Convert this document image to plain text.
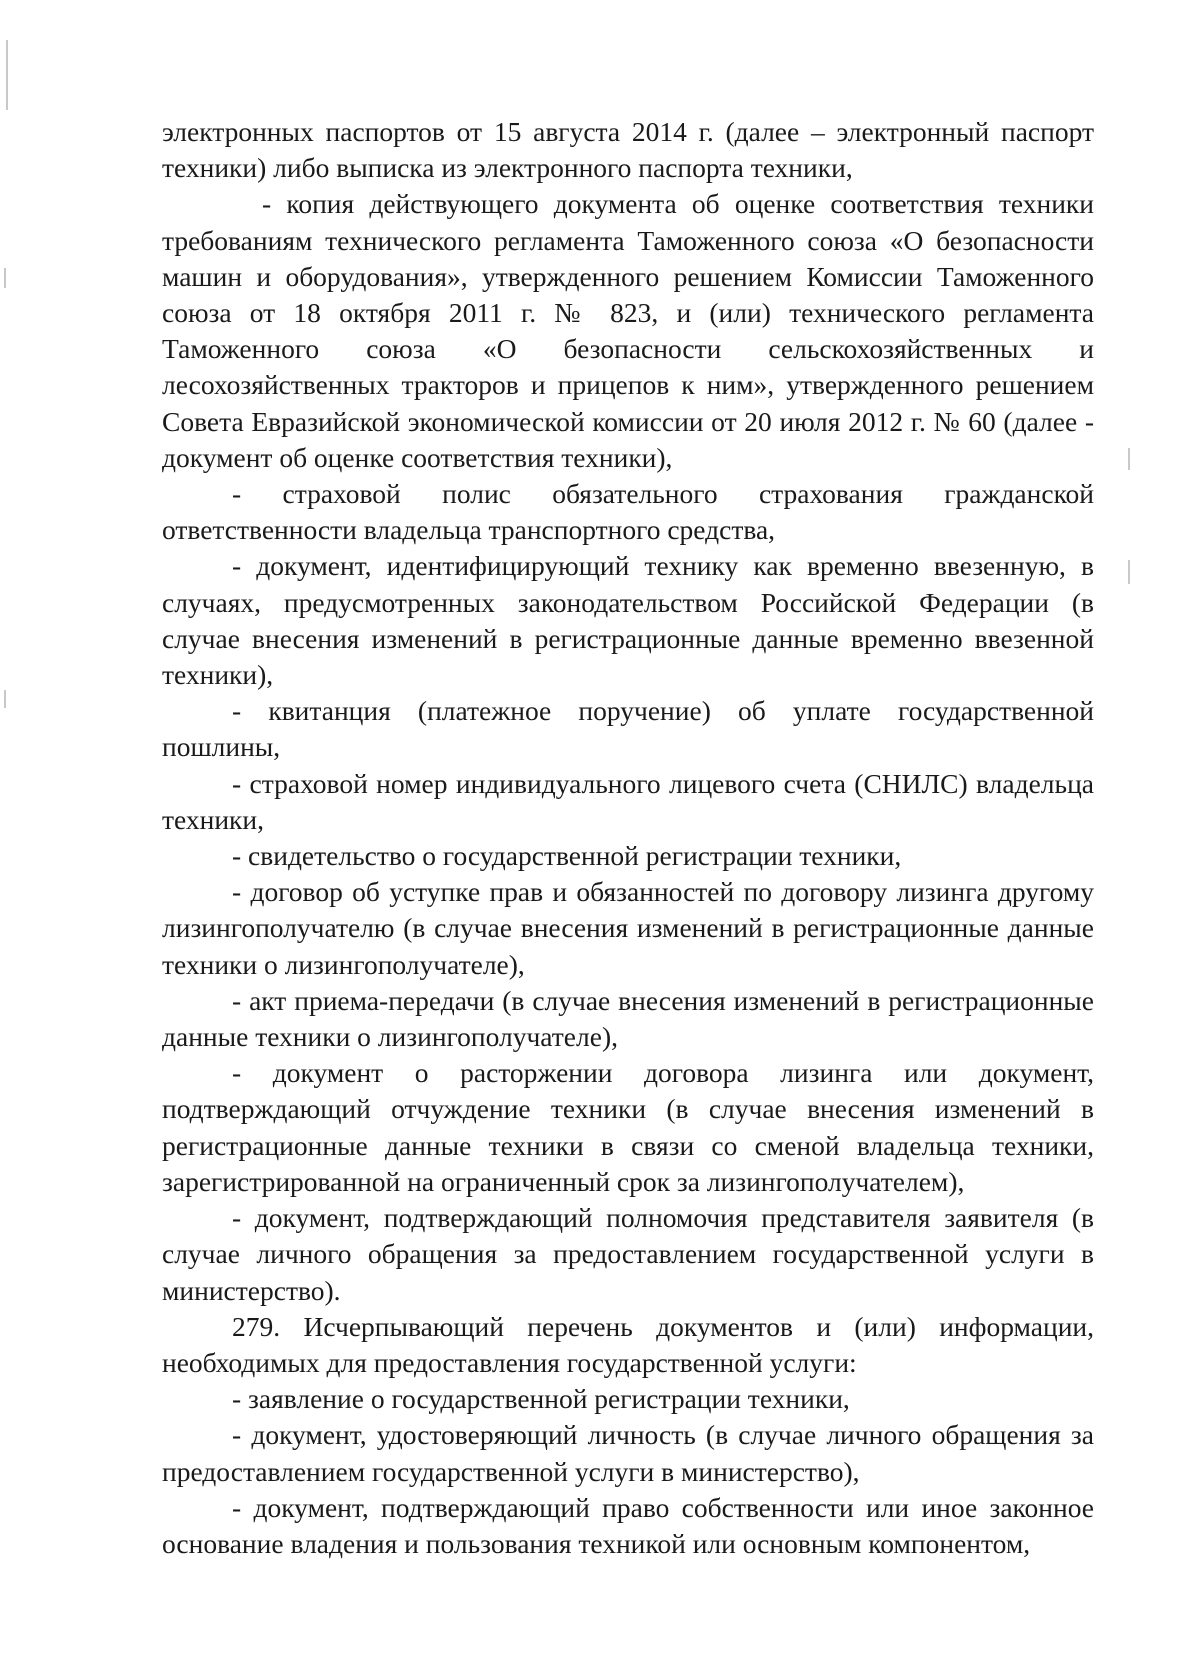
электронных паспортов от 15 августа 2014 г. (далее – электронный паспорт техники) либо выписка из электронного паспорта техники,

- копия действующего документа об оценке соответствия техники требованиям технического регламента Таможенного союза «О безопасности машин и оборудования», утвержденного решением Комиссии Таможенного союза от 18 октября 2011 г. № 823, и (или) технического регламента Таможенного союза «О безопасности сельскохозяйственных и лесохозяйственных тракторов и прицепов к ним», утвержденного решением Совета Евразийской экономической комиссии от 20 июля 2012 г. № 60 (далее - документ об оценке соответствия техники),

- страховой полис обязательного страхования гражданской ответственности владельца транспортного средства,

- документ, идентифицирующий технику как временно ввезенную, в случаях, предусмотренных законодательством Российской Федерации (в случае внесения изменений в регистрационные данные временно ввезенной техники),

- квитанция (платежное поручение) об уплате государственной пошлины,

- страховой номер индивидуального лицевого счета (СНИЛС) владельца техники,

- свидетельство о государственной регистрации техники,

- договор об уступке прав и обязанностей по договору лизинга другому лизингополучателю (в случае внесения изменений в регистрационные данные техники о лизингополучателе),

- акт приема-передачи (в случае внесения изменений в регистрационные данные техники о лизингополучателе),

- документ о расторжении договора лизинга или документ, подтверждающий отчуждение техники (в случае внесения изменений в регистрационные данные техники в связи со сменой владельца техники, зарегистрированной на ограниченный срок за лизингополучателем),

- документ, подтверждающий полномочия представителя заявителя (в случае личного обращения за предоставлением государственной услуги в министерство).

279. Исчерпывающий перечень документов и (или) информации, необходимых для предоставления государственной услуги:

- заявление о государственной регистрации техники,

- документ, удостоверяющий личность (в случае личного обращения за предоставлением государственной услуги в министерство),

- документ, подтверждающий право собственности или иное законное основание владения и пользования техникой или основным компонентом,
